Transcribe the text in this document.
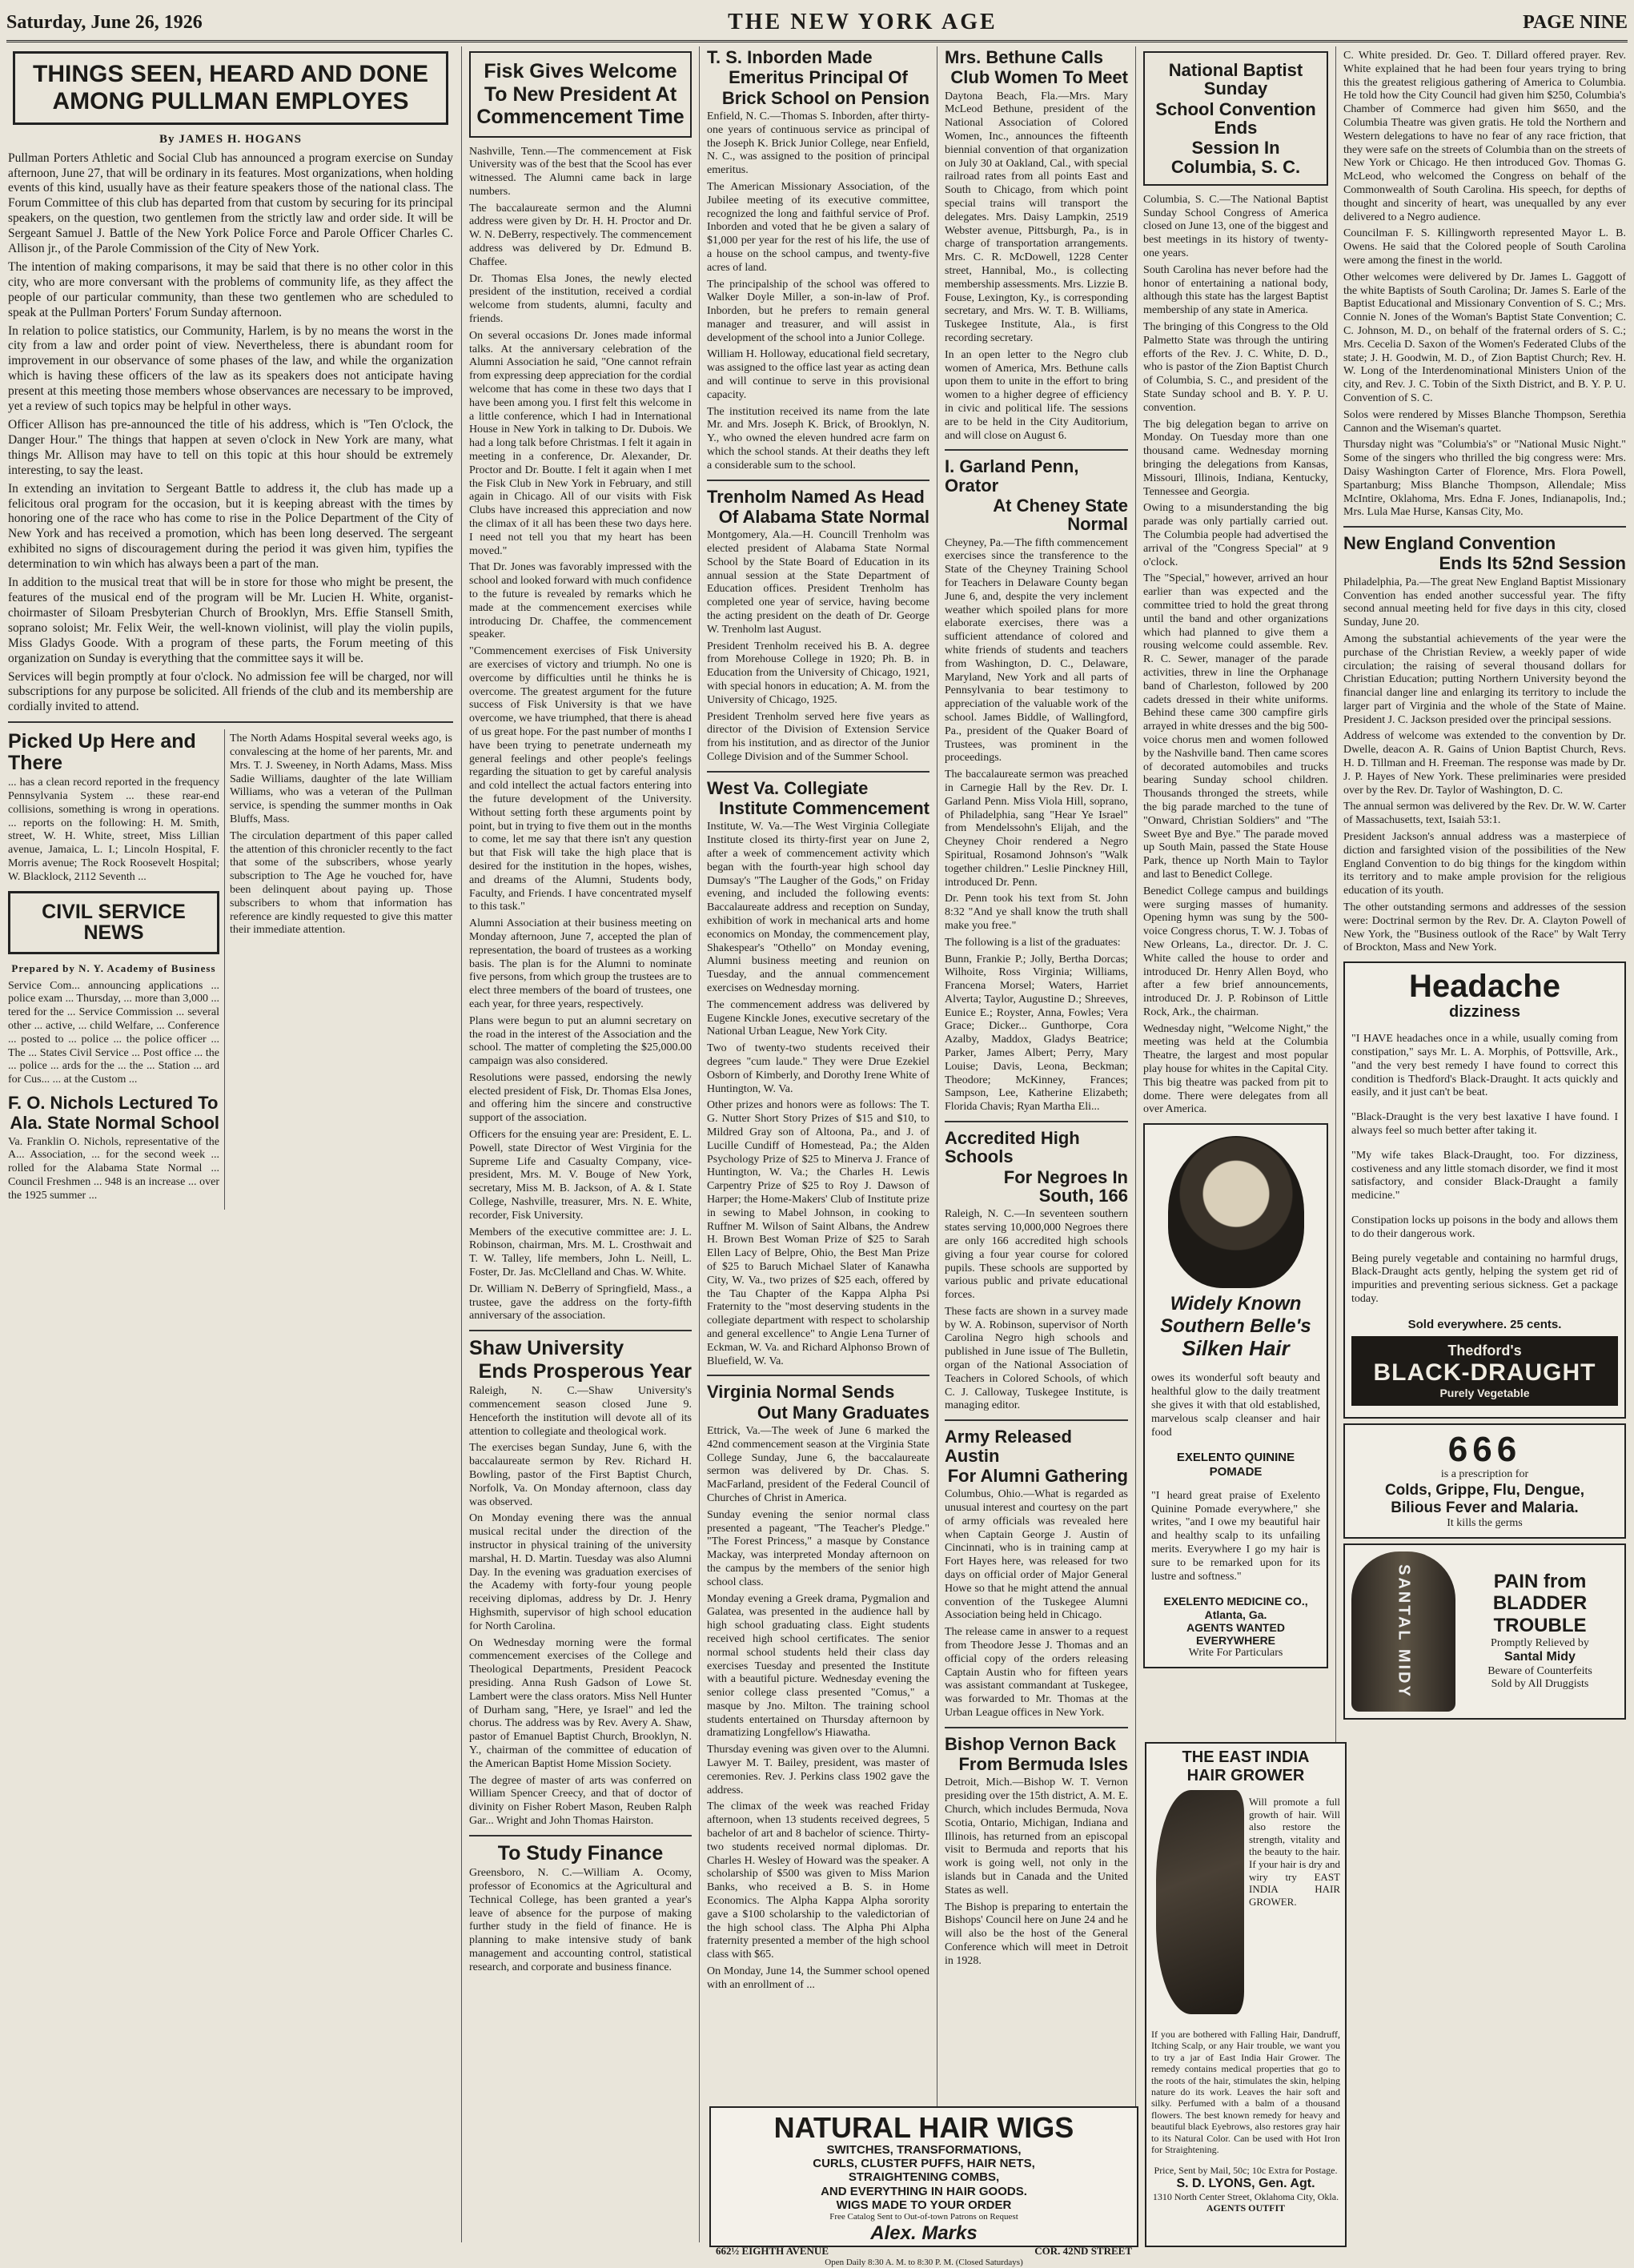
Saturday, June 26, 1926	THE NEW YORK AGE	PAGE NINE
THINGS SEEN, HEARD AND DONE
AMONG PULLMAN EMPLOYES
By JAMES H. HOGANS

Pullman Porters Athletic and Social Club has announced a program exercise on Sunday afternoon, June 27, that will be ordinary in its features. Most organizations, when holding events of this kind, usually have as their feature speakers those of the national class. The Forum Committee of this club has departed from that custom by securing for its principal speakers, on the question, two gentlemen from the strictly law and order side. It will be Sergeant Samuel J. Battle of the New York Police Force and Parole Officer Charles C. Allison jr., of the Parole Commission of the City of New York.

The intention of making comparisons, it may be said that there is no other color in this city, who are more conversant with the problems of community life, as they affect the people of our particular community, than these two gentlemen who are scheduled to speak at the Pullman Porters' Forum Sunday afternoon.

In relation to police statistics, our Community, Harlem, is by no means the worst in the city from a law and order point of view. Nevertheless, there is abundant room for improvement in our observance of some phases of the law, and while the organization which is having these officers of the law as its speakers does not anticipate having present at this meeting those members whose observances are necessary to be improved, yet a review of such topics may be helpful in other ways.

Officer Allison has pre-announced the title of his address, which is "Ten O'clock, the Danger Hour." The things that happen at seven o'clock in New York are many, what things Mr. Allison may have to tell on this topic at this hour should be extremely interesting, to say the least.

In extending an invitation to Sergeant Battle to address it, the club has made up a felicitous oral program for the occasion, but it is keeping abreast with the times by honoring one of the race who has come to rise in the Police Department of the City of New York and has received a promotion, which has been long deserved. The sergeant exhibited no signs of discouragement during the period it was given him, typifies the determination to win which has always been a part of the man.

In addition to the musical treat that will be in store for those who might be present, the features of the musical end of the program will be Mr. Lucien H. White, organist-choirmaster of Siloam Presbyterian Church of Brooklyn, Mrs. Effie Stansell Smith, soprano soloist; Mr. Felix Weir, the well-known violinist, will play the violin pupils, Miss Gladys Goode. With a program of these parts, the Forum meeting of this organization on Sunday is everything that the committee says it will be.

Services will begin promptly at four o'clock. No admission fee will be charged, nor will subscriptions for any purpose be solicited. All friends of the club and its membership are cordially invited to attend.

Picked Up Here and There

... has a clean record reported in the frequency Pennsylvania System ... these rear-end collisions, something is wrong in operations. ... reports on the following: H. M. Smith, street, W. H. White, street, Miss Lillian avenue, Jamaica, L. I.; Lincoln Hospital, F. Morris avenue; The Rock Roosevelt Hospital; W. Blacklock, 2112 Seventh ...

CIVIL SERVICE NEWS
Prepared by N. Y. Academy of Business

Service Com... announcing applications ... police exam ... Thursday, ... more than 3,000 ... tered for the ... Service Commission ... several other ... active, ... child Welfare, ... Conference ... posted to ... police ... the police officer ... The ... States Civil Service ... Post office ... the ... police ... ards for the ... the ... Station ... ard for Cus... ... at the Custom ...

F. O. Nichols Lectured To
Ala. State Normal School

Va. Franklin O. Nichols, representative of the A... Association, ... for the second week ... rolled for the Alabama State Normal ... Council Freshmen ... 948 is an increase ... over the 1925 summer ...

The North Adams Hospital several weeks ago, is convalescing at the home of her parents, Mr. and Mrs. T. J. Sweeney, in North Adams, Mass. Miss Sadie Williams, daughter of the late William Williams, who was a veteran of the Pullman service, is spending the summer months in Oak Bluffs, Mass.

The circulation department of this paper called the attention of this chronicler recently to the fact that some of the subscribers, whose yearly subscription to The Age he vouched for, have been delinquent about paying up. Those subscribers to whom that information has reference are kindly requested to give this matter their immediate attention.

Fisk Gives Welcome
To New President At
Commencement Time

Nashville, Tenn.—The commencement at Fisk University was of the best that the Scool has ever witnessed. The Alumni came back in large numbers.

The baccalaureate sermon and the Alumni address were given by Dr. H. H. Proctor and Dr. W. N. DeBerry, respectively. The commencement address was delivered by Dr. Edmund B. Chaffee.

Dr. Thomas Elsa Jones, the newly elected president of the institution, received a cordial welcome from students, alumni, faculty and friends.

On several occasions Dr. Jones made informal talks. At the anniversary celebration of the Alumni Association he said, "One cannot refrain from expressing deep appreciation for the cordial welcome that has come in these two days that I have been among you. I first felt this welcome in a little conference, which I had in International House in New York in talking to Dr. Dubois. We had a long talk before Christmas. I felt it again in meeting in a conference, Dr. Alexander, Dr. Proctor and Dr. Boutte. I felt it again when I met the Fisk Club in New York in February, and still again in Chicago. All of our visits with Fisk Clubs have increased this appreciation and now the climax of it all has been these two days here. I need not tell you that my heart has been moved."

That Dr. Jones was favorably impressed with the school and looked forward with much confidence to the future is revealed by remarks which he made at the commencement exercises while introducing Dr. Chaffee, the commencement speaker.

"Commencement exercises of Fisk University are exercises of victory and triumph. No one is overcome by difficulties until he thinks he is overcome. The greatest argument for the future success of Fisk University is that we have overcome, we have triumphed, that there is ahead of us great hope. For the past number of months I have been trying to penetrate underneath my general feelings and other people's feelings regarding the situation to get by careful analysis and cold intellect the actual factors entering into the future development of the University. Without setting forth these arguments point by point, but in trying to five them out in the months to come, let me say that there isn't any question but that Fisk will take the high place that is desired for the institution in the hopes, wishes, and dreams of the Alumni, Students body, Faculty, and Friends. I have concentrated myself to this task."

Alumni Association at their business meeting on Monday afternoon, June 7, accepted the plan of representation, the board of trustees as a working basis. The plan is for the Alumni to nominate five persons, from which group the trustees are to elect three members of the board of trustees, one each year, for three years, respectively.

Plans were begun to put an alumni secretary on the road in the interest of the Association and the school. The matter of completing the $25,000.00 campaign was also considered.

Resolutions were passed, endorsing the newly elected president of Fisk, Dr. Thomas Elsa Jones, and offering him the sincere and constructive support of the association.

Officers for the ensuing year are: President, E. L. Powell, state Director of West Virginia for the Supreme Life and Casualty Company, vice-president, Mrs. M. V. Bouge of New York, secretary, Miss M. B. Jackson, of A. & I. State College, Nashville, treasurer, Mrs. N. E. White, recorder, Fisk University.

Members of the executive committee are: J. L. Robinson, chairman, Mrs. M. L. Crosthwait and T. W. Talley, life members, John L. Neill, L. Foster, Dr. Jas. McClelland and Chas. W. White.

Dr. William N. DeBerry of Springfield, Mass., a trustee, gave the address on the forty-fifth anniversary of the association.

Shaw University
Ends Prosperous Year

Raleigh, N. C.—Shaw University's commencement season closed June 9. Henceforth the institution will devote all of its attention to collegiate and theological work.

The exercises began Sunday, June 6, with the baccalaureate sermon by Rev. Richard H. Bowling, pastor of the First Baptist Church, Norfolk, Va. On Monday afternoon, class day was observed.

On Monday evening there was the annual musical recital under the direction of the instructor in physical training of the university marshal, H. D. Martin. Tuesday was also Alumni Day. In the evening was graduation exercises of the Academy with forty-four young people receiving diplomas, address by Dr. J. Henry Highsmith, supervisor of high school education for North Carolina.

On Wednesday morning were the formal commencement exercises of the College and Theological Departments, President Peacock presiding. Anna Rush Gadson of Lowe St. Lambert were the class orators. Miss Nell Hunter of Durham sang, "Here, ye Israel" and led the chorus. The address was by Rev. Avery A. Shaw, pastor of Emanuel Baptist Church, Brooklyn, N. Y., chairman of the committee of education of the American Baptist Home Mission Society.

The degree of master of arts was conferred on William Spencer Creecy, and that of doctor of divinity on Fisher Robert Mason, Reuben Ralph Gar... Wright and John Thomas Hairston.

To Study Finance

Greensboro, N. C.—William A. Ocomy, professor of Economics at the Agricultural and Technical College, has been granted a year's leave of absence for the purpose of making further study in the field of finance. He is planning to make intensive study of bank management and accounting control, statistical research, and corporate and business finance.

T. S. Inborden Made
Emeritus Principal Of
Brick School on Pension

Enfield, N. C.—Thomas S. Inborden, after thirty-one years of continuous service as principal of the Joseph K. Brick Junior College, near Enfield, N. C., was assigned to the position of principal emeritus.

The American Missionary Association, of the Jubilee meeting of its executive committee, recognized the long and faithful service of Prof. Inborden and voted that he be given a salary of $1,000 per year for the rest of his life, the use of a house on the school campus, and twenty-five acres of land.

The principalship of the school was offered to Walker Doyle Miller, a son-in-law of Prof. Inborden, but he prefers to remain general manager and treasurer, and will assist in development of the school into a Junior College.

William H. Holloway, educational field secretary, was assigned to the office last year as acting dean and will continue to serve in this provisional capacity.

The institution received its name from the late Mr. and Mrs. Joseph K. Brick, of Brooklyn, N. Y., who owned the eleven hundred acre farm on which the school stands. At their deaths they left a considerable sum to the school.

Trenholm Named As Head
Of Alabama State Normal

Montgomery, Ala.—H. Councill Trenholm was elected president of Alabama State Normal School by the State Board of Education in its annual session at the State Department of Education offices. President Trenholm has completed one year of service, having become the acting president on the death of Dr. George W. Trenholm last August.

President Trenholm received his B. A. degree from Morehouse College in 1920; Ph. B. in Education from the University of Chicago, 1921, with special honors in education; A. M. from the University of Chicago, 1925.

President Trenholm served here five years as director of the Division of Extension Service from his institution, and as director of the Junior College Division and of the Summer School.

West Va. Collegiate
Institute Commencement

Institute, W. Va.—The West Virginia Collegiate Institute closed its thirty-first year on June 2, after a week of commencement activity which began with the fourth-year high school day Dumsay's "The Laugher of the Gods," on Friday evening, and included the following events: Baccalaureate address and reception on Sunday, exhibition of work in mechanical arts and home economics on Monday, the commencement play, Shakespear's "Othello" on Monday evening, Alumni business meeting and reunion on Tuesday, and the annual commencement exercises on Wednesday morning.

The commencement address was delivered by Eugene Kinckle Jones, executive secretary of the National Urban League, New York City.

Two of twenty-two students received their degrees "cum laude." They were Drue Ezekiel Osborn of Kimberly, and Dorothy Irene White of Huntington, W. Va.

Other prizes and honors were as follows: The T. G. Nutter Short Story Prizes of $15 and $10, to Mildred Gray son of Altoona, Pa., and J. of Lucille Cundiff of Homestead, Pa.; the Alden Psychology Prize of $25 to Minerva J. France of Huntington, W. Va.; the Charles H. Lewis Carpentry Prize of $25 to Roy J. Dawson of Harper; the Home-Makers' Club of Institute prize in sewing to Mabel Johnson, in cooking to Ruffner M. Wilson of Saint Albans, the Andrew H. Brown Best Woman Prize of $25 to Sarah Ellen Lacy of Belpre, Ohio, the Best Man Prize of $25 to Baruch Michael Slater of Kanawha City, W. Va., two prizes of $25 each, offered by the Tau Chapter of the Kappa Alpha Psi Fraternity to the "most deserving students in the collegiate department with respect to scholarship and general excellence" to Angie Lena Turner of Eckman, W. Va. and Richard Alphonso Brown of Bluefield, W. Va.

Virginia Normal Sends
Out Many Graduates

Ettrick, Va.—The week of June 6 marked the 42nd commencement season at the Virginia State College Sunday, June 6, the baccalaureate sermon was delivered by Dr. Chas. S. MacFarland, president of the Federal Council of Churches of Christ in America.

Sunday evening the senior normal class presented a pageant, "The Teacher's Pledge." "The Forest Princess," a masque by Constance Mackay, was interpreted Monday afternoon on the campus by the members of the senior high school class.

Monday evening a Greek drama, Pygmalion and Galatea, was presented in the audience hall by high school graduating class. Eight students received high school certificates. The senior normal school students held their class day exercises Tuesday and presented the Institute with a beautiful picture. Wednesday evening the senior college class presented "Comus," a masque by Jno. Milton. The training school students entertained on Thursday afternoon by dramatizing Longfellow's Hiawatha.

Thursday evening was given over to the Alumni. Lawyer M. T. Bailey, president, was master of ceremonies. Rev. J. Perkins class 1902 gave the address.

The climax of the week was reached Friday afternoon, when 13 students received degrees, 5 bachelor of art and 8 bachelor of science. Thirty-two students received normal diplomas. Dr. Charles H. Wesley of Howard was the speaker. A scholarship of $500 was given to Miss Marion Banks, who received a B. S. in Home Economics. The Alpha Kappa Alpha sorority gave a $100 scholarship to the valedictorian of the high school class. The Alpha Phi Alpha fraternity presented a member of the high school class with $65.

On Monday, June 14, the Summer school opened with an enrollment of ...

Mrs. Bethune Calls
Club Women To Meet

Daytona Beach, Fla.—Mrs. Mary McLeod Bethune, president of the National Association of Colored Women, Inc., announces the fifteenth biennial convention of that organization on July 30 at Oakland, Cal., with special railroad rates from all points East and South to Chicago, from which point special trains will transport the delegates. Mrs. Daisy Lampkin, 2519 Webster avenue, Pittsburgh, Pa., is in charge of transportation arrangements. Mrs. C. R. McDowell, 1228 Center street, Hannibal, Mo., is collecting membership assessments. Mrs. Lizzie B. Fouse, Lexington, Ky., is corresponding secretary, and Mrs. W. T. B. Williams, Tuskegee Institute, Ala., is first recording secretary.

In an open letter to the Negro club women of America, Mrs. Bethune calls upon them to unite in the effort to bring women to a higher degree of efficiency in civic and political life. The sessions are to be held in the City Auditorium, and will close on August 6.

I. Garland Penn, Orator
At Cheney State Normal

Cheyney, Pa.—The fifth commencement exercises since the transference to the State of the Cheyney Training School for Teachers in Delaware County began June 6, and, despite the very inclement weather which spoiled plans for more elaborate exercises, there was a sufficient attendance of colored and white friends of students and teachers from Washington, D. C., Delaware, Maryland, New York and all parts of Pennsylvania to bear testimony to appreciation of the valuable work of the school. James Biddle, of Wallingford, Pa., president of the Quaker Board of Trustees, was prominent in the proceedings.

The baccalaureate sermon was preached in Carnegie Hall by the Rev. Dr. I. Garland Penn. Miss Viola Hill, soprano, of Philadelphia, sang "Hear Ye Israel" from Mendelssohn's Elijah, and the Cheyney Choir rendered a Negro Spiritual, Rosamond Johnson's "Walk together children." Leslie Pinckney Hill, introduced Dr. Penn.

Dr. Penn took his text from St. John 8:32 "And ye shall know the truth shall make you free."

The following is a list of the graduates:

Bunn, Frankie P.; Jolly, Bertha Dorcas; Wilhoite, Ross Virginia; Williams, Francena Morsel; Waters, Harriet Alverta; Taylor, Augustine D.; Shreeves, Eunice E.; Royster, Anna, Fowles; Vera Grace; Dicker... Gunthorpe, Cora Azalby, Maddox, Gladys Beatrice; Parker, James Albert; Perry, Mary Louise; Davis, Leona, Beckman; Theodore; McKinney, Frances; Sampson, Lee, Katherine Elizabeth; Florida Chavis; Ryan Martha Eli...

Accredited High Schools
For Negroes In South, 166

Raleigh, N. C.—In seventeen southern states serving 10,000,000 Negroes there are only 166 accredited high schools giving a four year course for colored pupils. These schools are supported by various public and private educational forces.

These facts are shown in a survey made by W. A. Robinson, supervisor of North Carolina Negro high schools and published in June issue of The Bulletin, organ of the National Association of Teachers in Colored Schools, of which C. J. Calloway, Tuskegee Institute, is managing editor.

Army Released Austin
For Alumni Gathering

Columbus, Ohio.—What is regarded as unusual interest and courtesy on the part of army officials was revealed here when Captain George J. Austin of Cincinnati, who is in training camp at Fort Hayes here, was released for two days on official order of Major General Howe so that he might attend the annual convention of the Tuskegee Alumni Association being held in Chicago.

The release came in answer to a request from Theodore Jesse J. Thomas and an official copy of the orders releasing Captain Austin who for fifteen years was assistant commandant at Tuskegee, was forwarded to Mr. Thomas at the Urban League offices in New York.

Bishop Vernon Back
From Bermuda Isles

Detroit, Mich.—Bishop W. T. Vernon presiding over the 15th district, A. M. E. Church, which includes Bermuda, Nova Scotia, Ontario, Michigan, Indiana and Illinois, has returned from an episcopal visit to Bermuda and reports that his work is going well, not only in the islands but in Canada and the United States as well.

The Bishop is preparing to entertain the Bishops' Council here on June 24 and he will also be the host of the General Conference which will meet in Detroit in 1928.

National Baptist Sunday
School Convention Ends
Session In Columbia, S. C.

Columbia, S. C.—The National Baptist Sunday School Congress of America closed on June 13, one of the biggest and best meetings in its history of twenty-one years.

South Carolina has never before had the honor of entertaining a national body, although this state has the largest Baptist membership of any state in America.

The bringing of this Congress to the Old Palmetto State was through the untiring efforts of the Rev. J. C. White, D. D., who is pastor of the Zion Baptist Church of Columbia, S. C., and president of the State Sunday school and B. Y. P. U. convention.

The big delegation began to arrive on Monday. On Tuesday more than one thousand came. Wednesday morning bringing the delegations from Kansas, Missouri, Illinois, Indiana, Kentucky, Tennessee and Georgia.

Owing to a misunderstanding the big parade was only partially carried out. The Columbia people had advertised the arrival of the "Congress Special" at 9 o'clock.

The "Special," however, arrived an hour earlier than was expected and the committee tried to hold the great throng until the band and other organizations which had planned to give them a rousing welcome could assemble. Rev. R. C. Sewer, manager of the parade activities, threw in line the Orphanage band of Charleston, followed by 200 cadets dressed in their white uniforms. Behind these came 300 campfire girls arrayed in white dresses and the big 500-voice chorus men and women followed by the Nashville band. Then came scores of decorated automobiles and trucks bearing Sunday school children. Thousands thronged the streets, while the big parade marched to the tune of "Onward, Christian Soldiers" and "The Sweet Bye and Bye." The parade moved up South Main, passed the State House Park, thence up North Main to Taylor and last to Benedict College.

Benedict College campus and buildings were surging masses of humanity. Opening hymn was sung by the 500-voice Congress chorus, T. W. J. Tobas of New Orleans, La., director. Dr. J. C. White called the house to order and introduced Dr. Henry Allen Boyd, who after a few brief announcements, introduced Dr. J. P. Robinson of Little Rock, Ark., the chairman.

Wednesday night, "Welcome Night," the meeting was held at the Columbia Theatre, the largest and most popular play house for whites in the Capital City. This big theatre was packed from pit to dome. There were delegates from all over America.

Widely Known
Southern Belle's
Silken Hair

owes its wonderful soft beauty and healthful glow to the daily treatment she gives it with that old established, marvelous scalp cleanser and hair food

EXELENTO QUININE POMADE

"I heard great praise of Exelento Quinine Pomade everywhere," she writes, "and I owe my beautiful hair and healthy scalp to its unfailing merits. Everywhere I go my hair is sure to be remarked upon for its lustre and softness."

EXELENTO MEDICINE CO., Atlanta, Ga.
AGENTS WANTED EVERYWHERE
Write For Particulars

C. White presided. Dr. Geo. T. Dillard offered prayer. Rev. White explained that he had been four years trying to bring this the greatest religious gathering of America to Columbia. He told how the City Council had given him $250, Columbia's Chamber of Commerce had given him $650, and the Columbia Theatre was given gratis. He told the Northern and Western delegations to have no fear of any race friction, that they were safe on the streets of Columbia than on the streets of New York or Chicago. He then introduced Gov. Thomas G. McLeod, who welcomed the Congress on behalf of the Commonwealth of South Carolina. His speech, for depths of thought and sincerity of heart, was unequalled by any ever delivered to a Negro audience.

Councilman F. S. Killingworth represented Mayor L. B. Owens. He said that the Colored people of South Carolina were among the finest in the world.

Other welcomes were delivered by Dr. James L. Gaggott of the white Baptists of South Carolina; Dr. James S. Earle of the Baptist Educational and Missionary Convention of S. C.; Mrs. Connie N. Jones of the Woman's Baptist State Convention; C. C. Johnson, M. D., on behalf of the fraternal orders of S. C.; Mrs. Cecelia D. Saxon of the Women's Federated Clubs of the state; J. H. Goodwin, M. D., of Zion Baptist Church; Rev. H. W. Long of the Interdenominational Ministers Union of the city, and Rev. J. C. Tobin of the Sixth District, and B. Y. P. U. Convention of S. C.

Solos were rendered by Misses Blanche Thompson, Serethia Cannon and the Wiseman's quartet.

Thursday night was "Columbia's" or "National Music Night." Some of the singers who thrilled the big congress were: Mrs. Daisy Washington Carter of Florence, Mrs. Flora Powell, Spartanburg; Miss Blanche Thompson, Allendale; Miss McIntire, Oklahoma, Mrs. Edna F. Jones, Indianapolis, Ind.; Mrs. Lula Mae Hurse, Kansas City, Mo.

New England Convention
Ends Its 52nd Session

Philadelphia, Pa.—The great New England Baptist Missionary Convention has ended another successful year. The fifty second annual meeting held for five days in this city, closed Sunday, June 20.

Among the substantial achievements of the year were the purchase of the Christian Review, a weekly paper of wide circulation; the raising of several thousand dollars for Christian Education; putting Northern University beyond the financial danger line and enlarging its territory to include the larger part of Virginia and the whole of the State of Maine. President J. C. Jackson presided over the principal sessions.

Address of welcome was extended to the convention by Dr. Dwelle, deacon A. R. Gains of Union Baptist Church, Revs. H. D. Tillman and H. Freeman. The response was made by Dr. J. P. Hayes of New York. These preliminaries were presided over by the Rev. Dr. Taylor of Washington, D. C.

The annual sermon was delivered by the Rev. Dr. W. W. Carter of Massachusetts, text, Isaiah 53:1.

President Jackson's annual address was a masterpiece of diction and farsighted vision of the possibilities of the New England Convention to do big things for the kingdom within its territory and to make ample provision for the religious education of its youth.

The other outstanding sermons and addresses of the session were: Doctrinal sermon by the Rev. Dr. A. Clayton Powell of New York, the "Business outlook of the Race" by Walt Terry of Brockton, Mass and New York.

Headache
dizziness

"I HAVE headaches once in a while, usually coming from constipation," says Mr. L. A. Morphis, of Pottsville, Ark., "and the very best remedy I have found to correct this condition is Thedford's Black-Draught. It acts quickly and easily, and it just can't be beat.

"Black-Draught is the very best laxative I have found. I always feel so much better after taking it.

"My wife takes Black-Draught, too. For dizziness, costiveness and any little stomach disorder, we find it most satisfactory, and consider Black-Draught a family medicine."

Constipation locks up poisons in the body and allows them to do their dangerous work.

Being purely vegetable and containing no harmful drugs, Black-Draught acts gently, helping the system get rid of impurities and preventing serious sickness. Get a package today.

Sold everywhere. 25 cents.
Thedford's
BLACK-DRAUGHT
Purely Vegetable
666
is a prescription for
Colds, Grippe, Flu, Dengue,
Bilious Fever and Malaria.
It kills the germs
SANTAL MIDY	PAIN from
BLADDER
TROUBLE
Promptly Relieved by
Santal Midy
Beware of Counterfeits
Sold by All Druggists
NATURAL HAIR WIGS
SWITCHES, TRANSFORMATIONS,
CURLS, CLUSTER PUFFS, HAIR NETS,
STRAIGHTENING COMBS,
AND EVERYTHING IN HAIR GOODS.
WIGS MADE TO YOUR ORDER
Free Catalog Sent to Out-of-town Patrons on Request
Alex. Marks
662½ EIGHTH AVENUE	COR. 42ND STREET
Open Daily 8:30 A. M. to 8:30 P. M. (Closed Saturdays)
THE EAST INDIA
HAIR GROWER

Will promote a full growth of hair. Will also restore the strength, vitality and the beauty to the hair. If your hair is dry and wiry try EAST INDIA HAIR GROWER.

If you are bothered with Falling Hair, Dandruff, Itching Scalp, or any Hair trouble, we want you to try a jar of East India Hair Grower. The remedy contains medical properties that go to the roots of the hair, stimulates the skin, helping nature do its work. Leaves the hair soft and silky. Perfumed with a balm of a thousand flowers. The best known remedy for heavy and beautiful black Eyebrows, also restores gray hair to its Natural Color. Can be used with Hot Iron for Straightening.

Price, Sent by Mail, 50c; 10c Extra for Postage.
S. D. LYONS, Gen. Agt.
1310 North Center Street, Oklahoma City, Okla.
AGENTS OUTFIT
